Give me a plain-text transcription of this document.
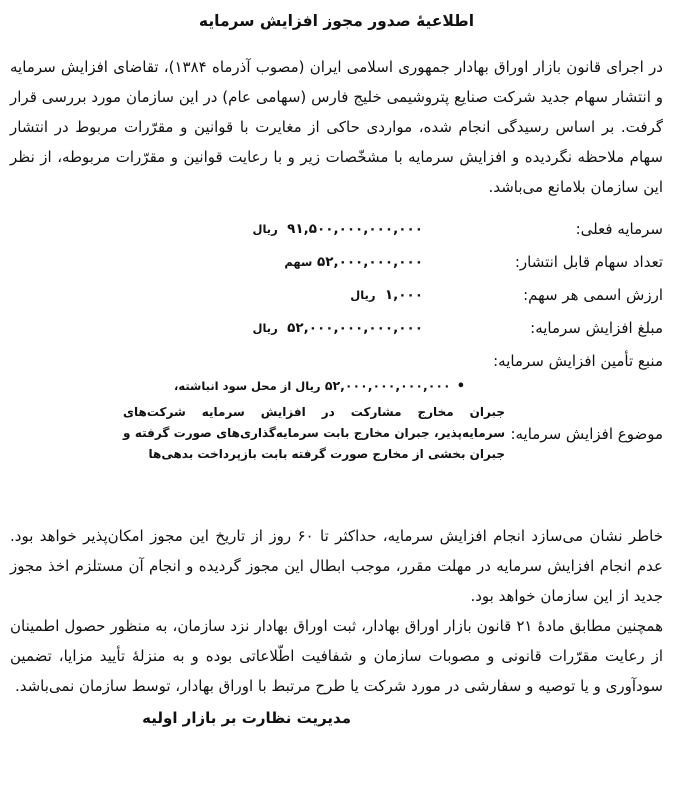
اطلاعیهٔ صدور مجوز افزایش سرمایه

در اجرای قانون بازار اوراق بهادار جمهوری اسلامی ایران (مصوب آذرماه ۱۳۸۴)، تقاضای افزایش سرمایه و انتشار سهام جدید شرکت صنایع پتروشیمی خلیج فارس (سهامی عام) در این سازمان مورد بررسی قرار گرفت. بر اساس رسیدگی انجام شده، مواردی حاکی از مغایرت با قوانین و مقرّرات مربوط در انتشار سهام ملاحظه نگردیده و افزایش سرمایه با مشخّصات زیر و با رعایت قوانین و مقرّرات مربوطه، از نظر این سازمان بلامانع می‌باشد.

سرمایه فعلی:
۹۱,۵۰۰,۰۰۰,۰۰۰,۰۰۰  ریال
تعداد سهام قابل انتشار:
۵۲,۰۰۰,۰۰۰,۰۰۰ سهم
ارزش اسمی هر سهم:
۱,۰۰۰  ریال
مبلغ افزایش سرمایه:
۵۲,۰۰۰,۰۰۰,۰۰۰,۰۰۰  ریال
منبع تأمین افزایش سرمایه:
•۵۲,۰۰۰,۰۰۰,۰۰۰,۰۰۰ ریال از محل سود انباشته،
موضوع افزایش سرمایه:
جبران مخارج مشارکت در افزایش سرمایه شرکت‌های سرمایه‌پذیر، جبران مخارج بابت سرمایه‌گذاری‌های صورت گرفته و جبران بخشی از مخارج صورت گرفته بابت بازپرداخت بدهی‌ها

خاطر نشان می‌سازد انجام افزایش سرمایه، حداکثر تا ۶۰ روز از تاریخ این مجوز امکان‌پذیر خواهد بود. عدم انجام افزایش سرمایه در مهلت مقرر، موجب ابطال این مجوز گردیده و انجام آن مستلزم اخذ مجوز جدید از این سازمان خواهد بود.

همچنین مطابق مادهٔ ۲۱ قانون بازار اوراق بهادار، ثبت اوراق بهادار نزد سازمان، به منظور حصول اطمینان از رعایت مقرّرات قانونی و مصوبات سازمان و شفافیت اطّلاعاتی بوده و به منزلهٔ تأیید مزایا، تضمین سودآوری و یا توصیه و سفارشی در مورد شرکت یا طرح مرتبط با اوراق بهادار، توسط سازمان نمی‌باشد.

مدیریت نظارت بر بازار اولیه
